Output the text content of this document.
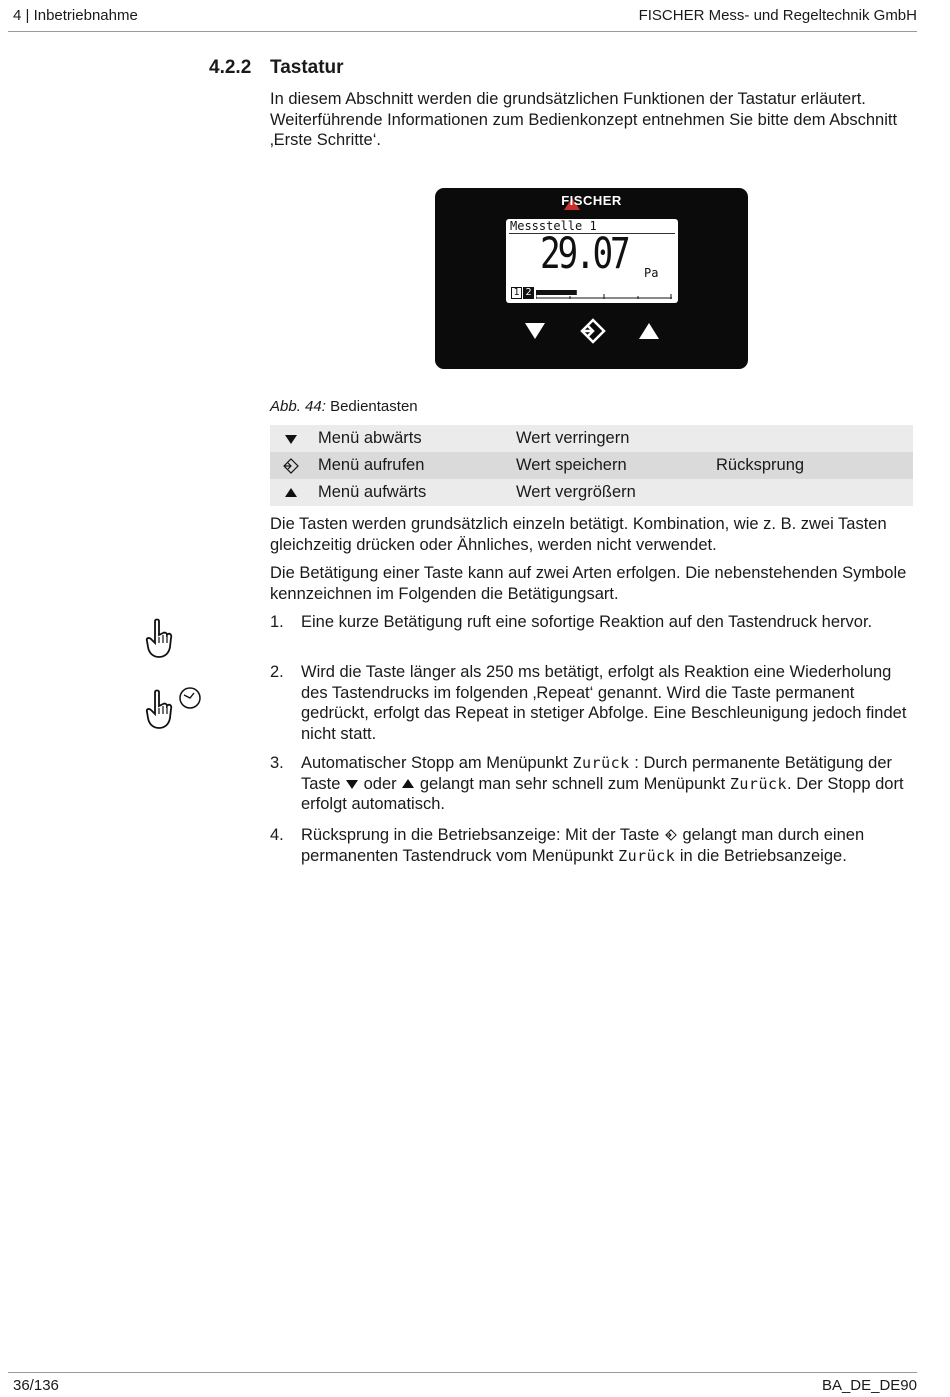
4 | Inbetriebnahme	FISCHER Mess- und Regeltechnik GmbH
4.2.2 Tastatur

In diesem Abschnitt werden die grundsätzlichen Funktionen der Tastatur erläutert. Weiterführende Informationen zum Bedienkonzept entnehmen Sie bitte dem Abschnitt ‚Erste Schritte‘.

FISCHER
Messstelle 1
29.07 Pa
1 2
Abb. 44: Bedientasten
Menü abwärts	Wert verringern
Menü aufrufen	Wert speichern	Rücksprung
Menü aufwärts	Wert vergrößern

Die Tasten werden grundsätzlich einzeln betätigt. Kombination, wie z. B. zwei Tasten gleichzeitig drücken oder Ähnliches, werden nicht verwendet.

Die Betätigung einer Taste kann auf zwei Arten erfolgen. Die nebenstehenden Symbole kennzeichnen im Folgenden die Betätigungsart.

1. Eine kurze Betätigung ruft eine sofortige Reaktion auf den Tastendruck hervor.
2. Wird die Taste länger als 250 ms betätigt, erfolgt als Reaktion eine Wiederholung des Tastendrucks im folgenden ‚Repeat‘ genannt. Wird die Taste permanent gedrückt, erfolgt das Repeat in stetiger Abfolge. Eine Beschleunigung jedoch findet nicht statt.
3. Automatischer Stopp am Menüpunkt Zurück : Durch permanente Betätigung der Taste oder gelangt man sehr schnell zum Menüpunkt Zurück. Der Stopp dort erfolgt automatisch.
4. Rücksprung in die Betriebsanzeige: Mit der Taste gelangt man durch einen permanenten Tastendruck vom Menüpunkt Zurück in die Betriebsanzeige.
36/136	BA_DE_DE90
